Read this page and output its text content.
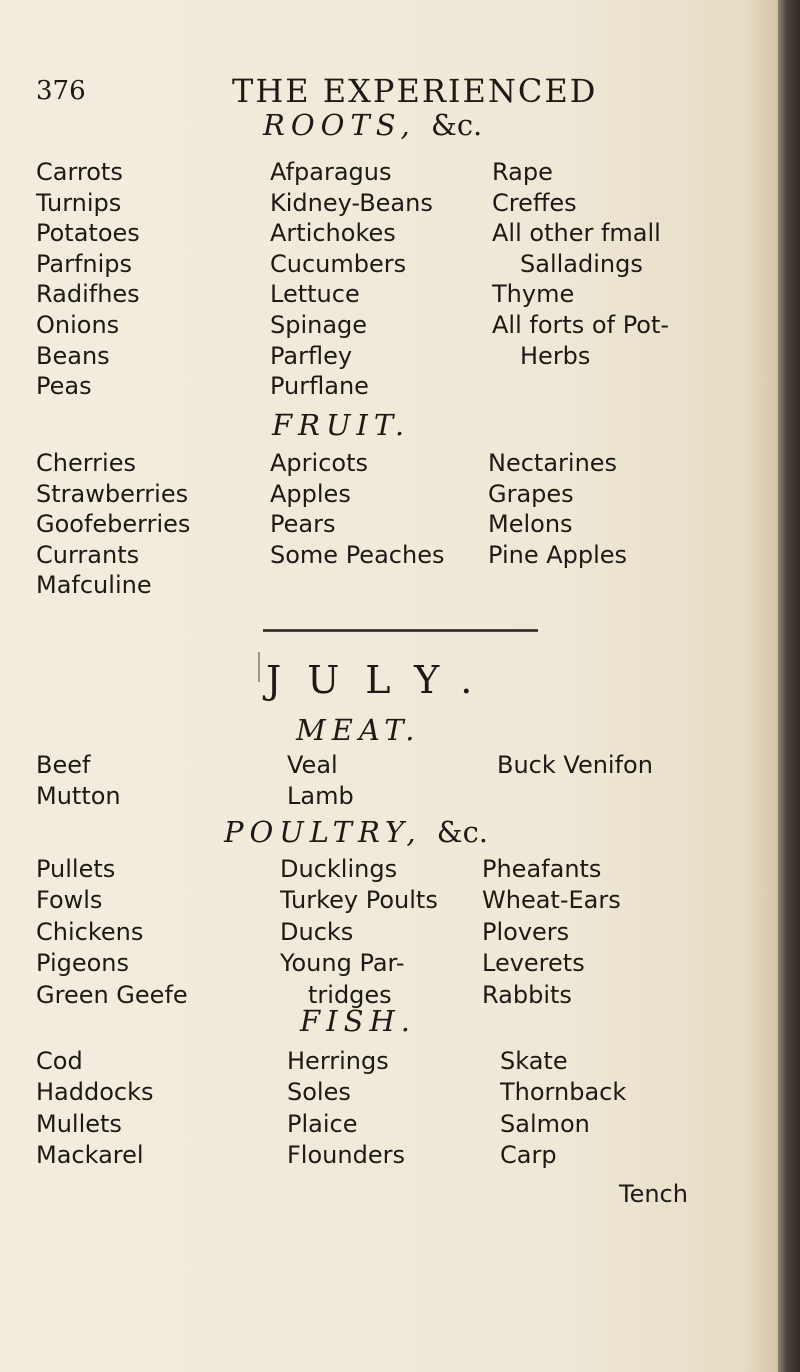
376	THE EXPERIENCED
ROOTS, &c.
Carrots
Turnips
Potatoes
Parfnips
Radifhes
Onions
Beans
Peas
Afparagus
Kidney-Beans
Artichokes
Cucumbers
Lettuce
Spinage
Parfley
Purflane
Rape
Creffes
All other fmall
Salladings
Thyme
All forts of Pot-
Herbs
FRUIT.
Cherries
Strawberries
Goofeberries
Currants
Mafculine
Apricots
Apples
Pears
Some Peaches
Nectarines
Grapes
Melons
Pine Apples
JULY.
MEAT.
Beef
Mutton
Veal
Lamb
Buck Venifon
POULTRY, &c.
Pullets
Fowls
Chickens
Pigeons
Green Geefe
Ducklings
Turkey Poults
Ducks
Young Par-
tridges
Pheafants
Wheat-Ears
Plovers
Leverets
Rabbits
FISH.
Cod
Haddocks
Mullets
Mackarel
Herrings
Soles
Plaice
Flounders
Skate
Thornback
Salmon
Carp
Tench
